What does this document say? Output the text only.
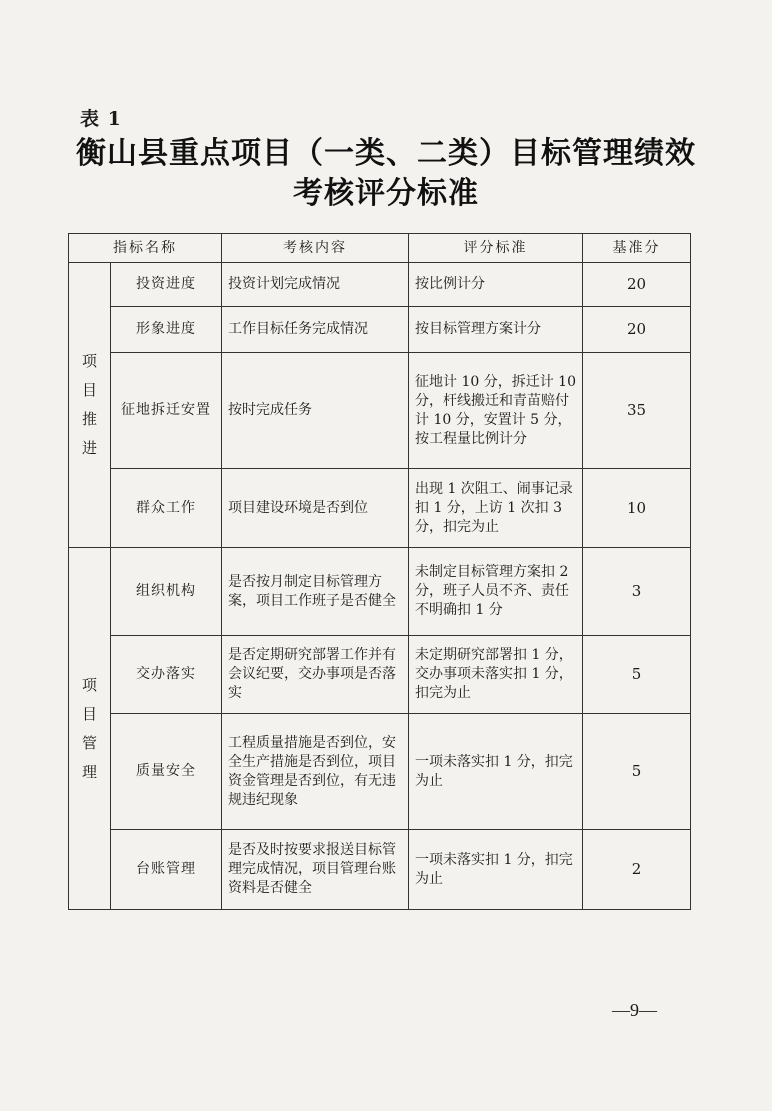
表 1
衡山县重点项目（一类、二类）目标管理绩效
考核评分标准
指标名称		考核内容	评分标准	基准分
项
目
推
进	投资进度	投资计划完成情况	按比例计分	20
	形象进度	工作目标任务完成情况	按目标管理方案计分	20
	征地拆迁安置	按时完成任务	征地计 10 分，拆迁计 10 分，杆线搬迁和青苗赔付计 10 分，安置计 5 分，按工程量比例计分	35
	群众工作	项目建设环境是否到位	出现 1 次阻工、闹事记录扣 1 分，上访 1 次扣 3 分，扣完为止	10
项
目
管
理	组织机构	是否按月制定目标管理方案，项目工作班子是否健全	未制定目标管理方案扣 2 分，班子人员不齐、责任不明确扣 1 分	3
	交办落实	是否定期研究部署工作并有会议纪要，交办事项是否落实	未定期研究部署扣 1 分，交办事项未落实扣 1 分，扣完为止	5
	质量安全	工程质量措施是否到位，安全生产措施是否到位，项目资金管理是否到位，有无违规违纪现象	一项未落实扣 1 分，扣完为止	5
	台账管理	是否及时按要求报送目标管理完成情况，项目管理台账资料是否健全	一项未落实扣 1 分，扣完为止	2
—9—
